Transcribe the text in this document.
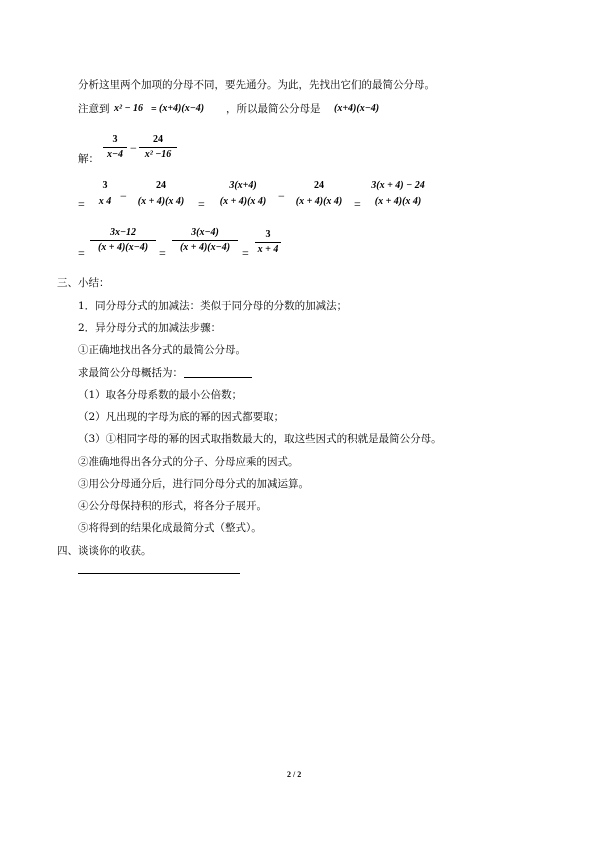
分析这里两个加项的分母不同，要先通分。为此，先找出它们的最简公分母。
注意到 x² − 16 = (x+4)(x−4) ，所以最简公分母是 (x+4)(x−4)
解：
3
x−4 −
24
x² −16
=
3
x 4 −
24
(x + 4)(x 4) =
3(x+4)
(x + 4)(x 4) −
24
(x + 4)(x 4) =
3(x + 4) − 24
(x + 4)(x 4)
=
3x−12
(x + 4)(x−4) =
3(x−4)
(x + 4)(x−4) =
3
x + 4
三、小结：
1．同分母分式的加减法：类似于同分母的分数的加减法；
2．异分母分式的加减法步骤：
①正确地找出各分式的最简公分母。
求最简公分母概括为：
（1）取各分母系数的最小公倍数；
（2）凡出现的字母为底的幂的因式都要取；
（3）①相同字母的幂的因式取指数最大的，取这些因式的积就是最简公分母。
②准确地得出各分式的分子、分母应乘的因式。
③用公分母通分后，进行同分母分式的加减运算。
④公分母保持积的形式，将各分子展开。
⑤将得到的结果化成最简分式（整式）。
四、谈谈你的收获。
2 / 2
